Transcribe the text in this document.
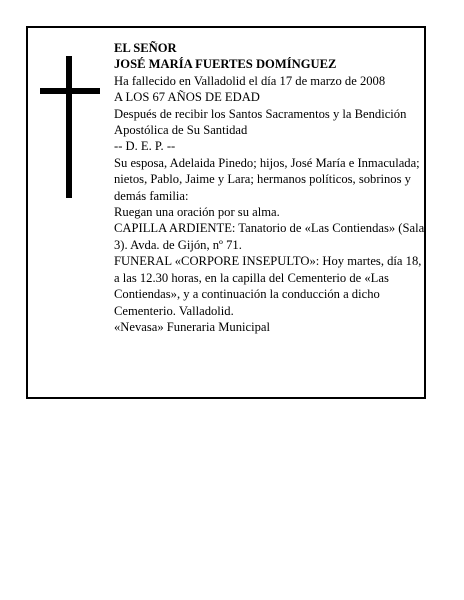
EL SEÑOR

JOSÉ MARÍA FUERTES DOMÍNGUEZ

Ha fallecido en Valladolid el día 17 de marzo de 2008

A LOS 67 AÑOS DE EDAD

Después de recibir los Santos Sacramentos y la Bendición Apostólica de Su Santidad

-- D. E. P. --

Su esposa, Adelaida Pinedo; hijos, José María e Inmaculada; nietos, Pablo, Jaime y Lara; hermanos políticos, sobrinos y demás familia:

Ruegan una oración por su alma.

CAPILLA ARDIENTE: Tanatorio de «Las Contiendas» (Sala 3). Avda. de Gijón, nº 71.

FUNERAL «CORPORE INSEPULTO»: Hoy martes, día 18, a las 12.30 horas, en la capilla del Cementerio de «Las Contiendas», y a continuación la conducción a dicho Cementerio. Valladolid.

«Nevasa» Funeraria Municipal
